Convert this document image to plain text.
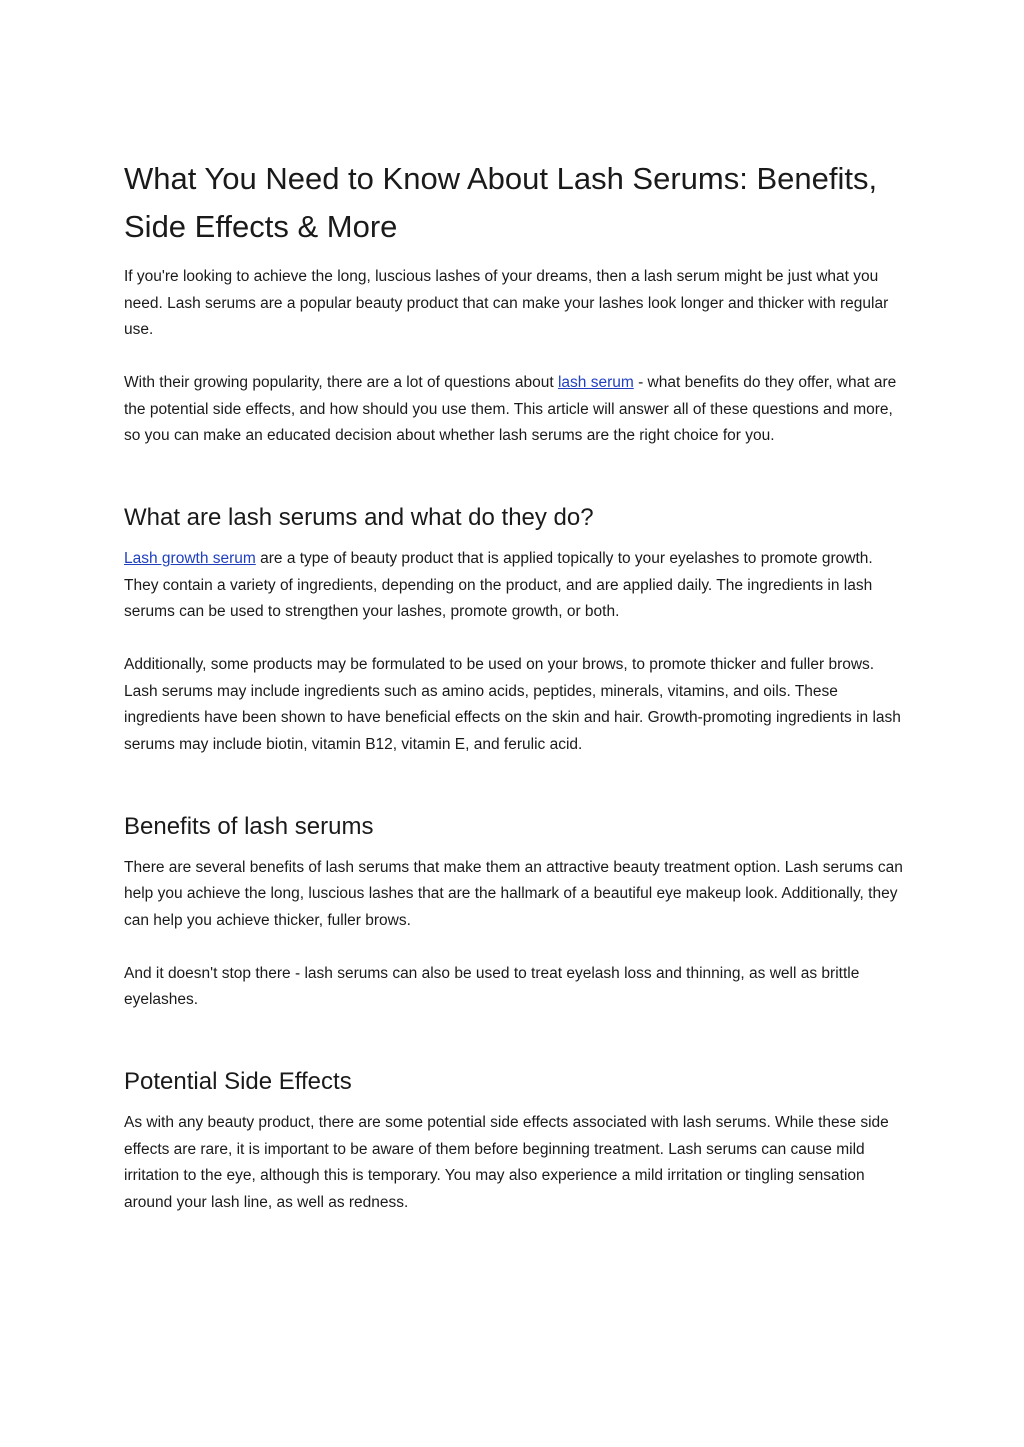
What You Need to Know About Lash Serums: Benefits, Side Effects & More

If you're looking to achieve the long, luscious lashes of your dreams, then a lash serum might be just what you need. Lash serums are a popular beauty product that can make your lashes look longer and thicker with regular use.

With their growing popularity, there are a lot of questions about lash serum - what benefits do they offer, what are the potential side effects, and how should you use them. This article will answer all of these questions and more, so you can make an educated decision about whether lash serums are the right choice for you.

What are lash serums and what do they do?

Lash growth serum are a type of beauty product that is applied topically to your eyelashes to promote growth. They contain a variety of ingredients, depending on the product, and are applied daily. The ingredients in lash serums can be used to strengthen your lashes, promote growth, or both.

Additionally, some products may be formulated to be used on your brows, to promote thicker and fuller brows. Lash serums may include ingredients such as amino acids, peptides, minerals, vitamins, and oils. These ingredients have been shown to have beneficial effects on the skin and hair. Growth-promoting ingredients in lash serums may include biotin, vitamin B12, vitamin E, and ferulic acid.

Benefits of lash serums

There are several benefits of lash serums that make them an attractive beauty treatment option. Lash serums can help you achieve the long, luscious lashes that are the hallmark of a beautiful eye makeup look. Additionally, they can help you achieve thicker, fuller brows.

And it doesn't stop there - lash serums can also be used to treat eyelash loss and thinning, as well as brittle eyelashes.

Potential Side Effects

As with any beauty product, there are some potential side effects associated with lash serums. While these side effects are rare, it is important to be aware of them before beginning treatment. Lash serums can cause mild irritation to the eye, although this is temporary. You may also experience a mild irritation or tingling sensation around your lash line, as well as redness.
